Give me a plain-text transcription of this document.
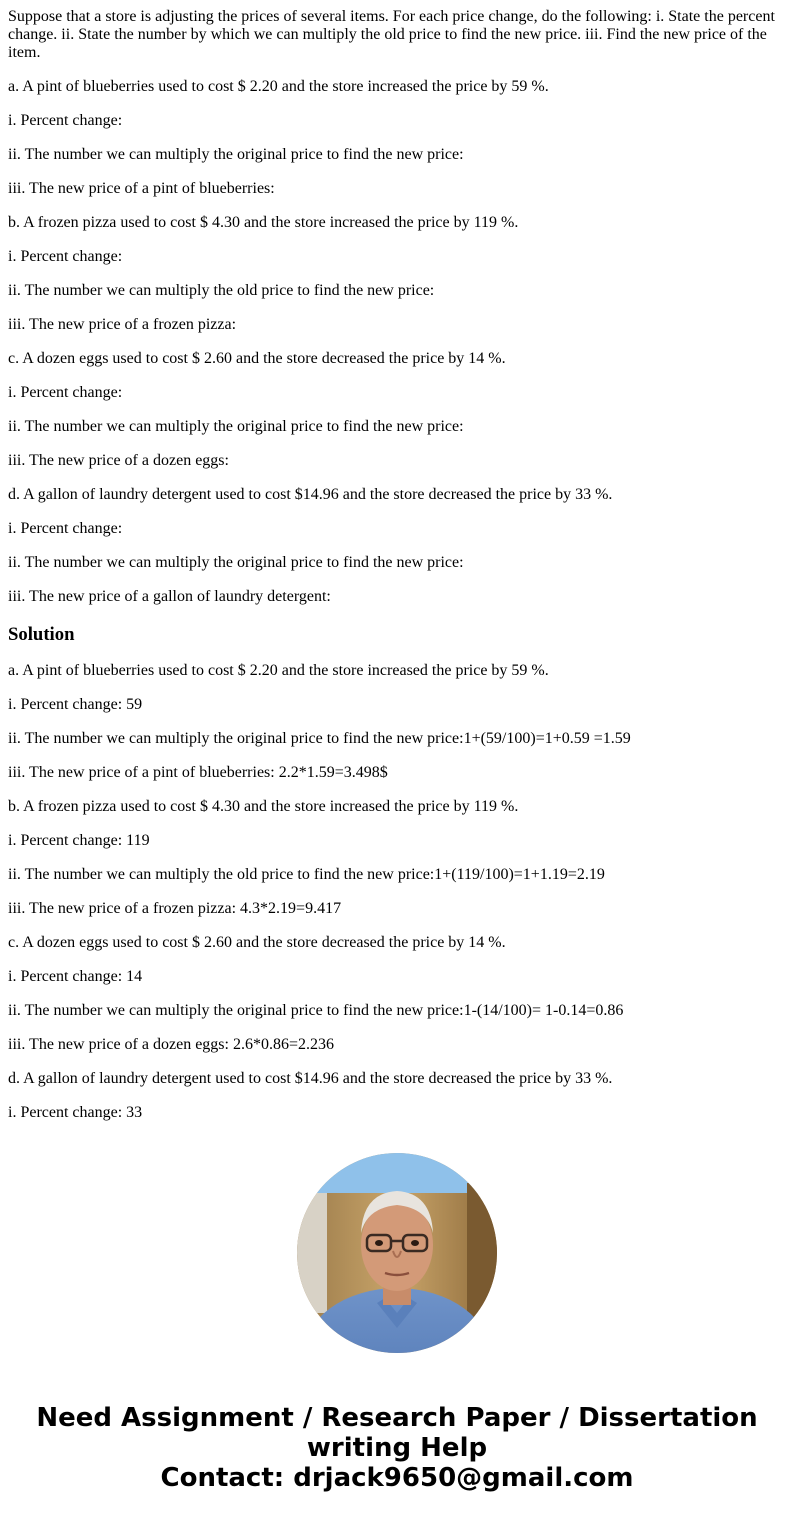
Suppose that a store is adjusting the prices of several items. For each price change, do the following: i. State the percent change. ii. State the number by which we can multiply the old price to find the new price. iii. Find the new price of the item.

a. A pint of blueberries used to cost $ 2.20 and the store increased the price by 59 %.

i. Percent change:

ii. The number we can multiply the original price to find the new price:

iii. The new price of a pint of blueberries:

b. A frozen pizza used to cost $ 4.30 and the store increased the price by 119 %.

i. Percent change:

ii. The number we can multiply the old price to find the new price:

iii. The new price of a frozen pizza:

c. A dozen eggs used to cost $ 2.60 and the store decreased the price by 14 %.

i. Percent change:

ii. The number we can multiply the original price to find the new price:

iii. The new price of a dozen eggs:

d. A gallon of laundry detergent used to cost $14.96 and the store decreased the price by 33 %.

i. Percent change:

ii. The number we can multiply the original price to find the new price:

iii. The new price of a gallon of laundry detergent:

Solution

a. A pint of blueberries used to cost $ 2.20 and the store increased the price by 59 %.

i. Percent change: 59

ii. The number we can multiply the original price to find the new price:1+(59/100)=1+0.59 =1.59

iii. The new price of a pint of blueberries: 2.2*1.59=3.498$

b. A frozen pizza used to cost $ 4.30 and the store increased the price by 119 %.

i. Percent change: 119

ii. The number we can multiply the old price to find the new price:1+(119/100)=1+1.19=2.19

iii. The new price of a frozen pizza: 4.3*2.19=9.417

c. A dozen eggs used to cost $ 2.60 and the store decreased the price by 14 %.

i. Percent change: 14

ii. The number we can multiply the original price to find the new price:1-(14/100)= 1-0.14=0.86

iii. The new price of a dozen eggs: 2.6*0.86=2.236

d. A gallon of laundry detergent used to cost $14.96 and the store decreased the price by 33 %.

i. Percent change: 33

Need Assignment / Research Paper / Dissertation
writing Help
Contact: drjack9650@gmail.com
